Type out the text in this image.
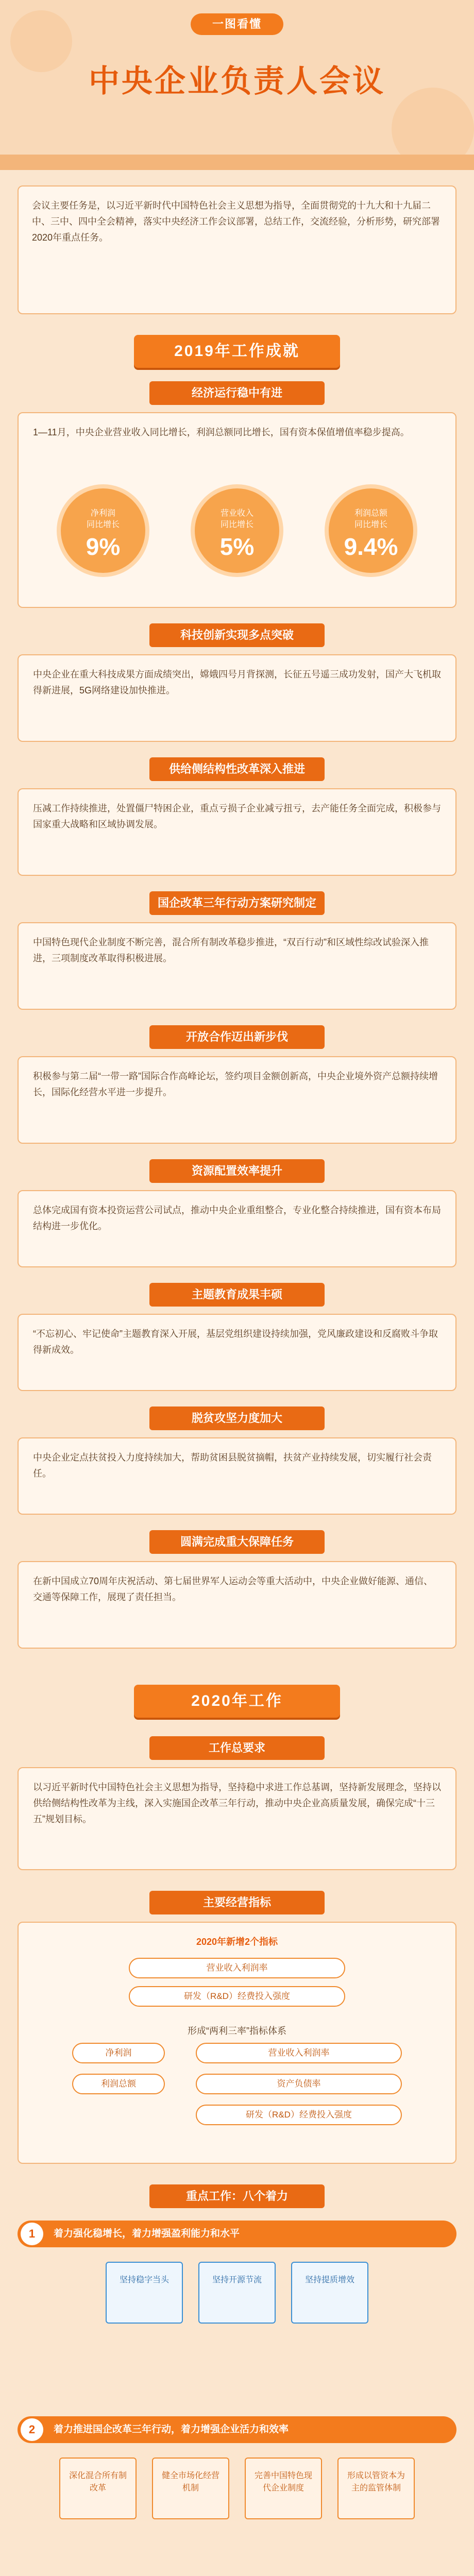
一图看懂
中央企业负责人会议
会议主要任务是，以习近平新时代中国特色社会主义思想为指导，全面贯彻党的十九大和十九届二中、三中、四中全会精神，落实中央经济工作会议部署，总结工作，交流经验，分析形势，研究部署2020年重点任务。
2019年工作成就
经济运行稳中有进
1—11月，中央企业营业收入同比增长，利润总额同比增长，国有资本保值增值率稳步提高。
净利润
同比增长
9%
营业收入
同比增长
5%
利润总额
同比增长
9.4%
科技创新实现多点突破
中央企业在重大科技成果方面成绩突出，嫦娥四号月背探测，长征五号遥三成功发射，国产大飞机取得新进展，5G网络建设加快推进。
供给侧结构性改革深入推进
压减工作持续推进，处置僵尸特困企业，重点亏损子企业减亏扭亏，去产能任务全面完成，积极参与国家重大战略和区域协调发展。
国企改革三年行动方案研究制定
中国特色现代企业制度不断完善，混合所有制改革稳步推进，“双百行动”和区域性综改试验深入推进，三项制度改革取得积极进展。
开放合作迈出新步伐
积极参与第二届“一带一路”国际合作高峰论坛，签约项目金额创新高，中央企业境外资产总额持续增长，国际化经营水平进一步提升。
资源配置效率提升
总体完成国有资本投资运营公司试点，推动中央企业重组整合，专业化整合持续推进，国有资本布局结构进一步优化。
主题教育成果丰硕
“不忘初心、牢记使命”主题教育深入开展，基层党组织建设持续加强，党风廉政建设和反腐败斗争取得新成效。
脱贫攻坚力度加大
中央企业定点扶贫投入力度持续加大，帮助贫困县脱贫摘帽，扶贫产业持续发展，切实履行社会责任。
圆满完成重大保障任务
在新中国成立70周年庆祝活动、第七届世界军人运动会等重大活动中，中央企业做好能源、通信、交通等保障工作，展现了责任担当。
2020年工作
工作总要求
以习近平新时代中国特色社会主义思想为指导，坚持稳中求进工作总基调，坚持新发展理念，坚持以供给侧结构性改革为主线，深入实施国企改革三年行动，推动中央企业高质量发展，确保完成“十三五”规划目标。
主要经营指标
2020年新增2个指标
营业收入利润率
研发（R&D）经费投入强度
形成“两利三率”指标体系
净利润
利润总额
营业收入利润率
资产负债率
研发（R&D）经费投入强度
重点工作：八个着力
1	着力强化稳增长，着力增强盈利能力和水平
坚持稳字当头	坚持开源节流	坚持提质增效
2	着力推进国企改革三年行动，着力增强企业活力和效率
深化混合所有制改革
健全市场化经营机制
完善中国特色现代企业制度
形成以管资本为主的监管体制
